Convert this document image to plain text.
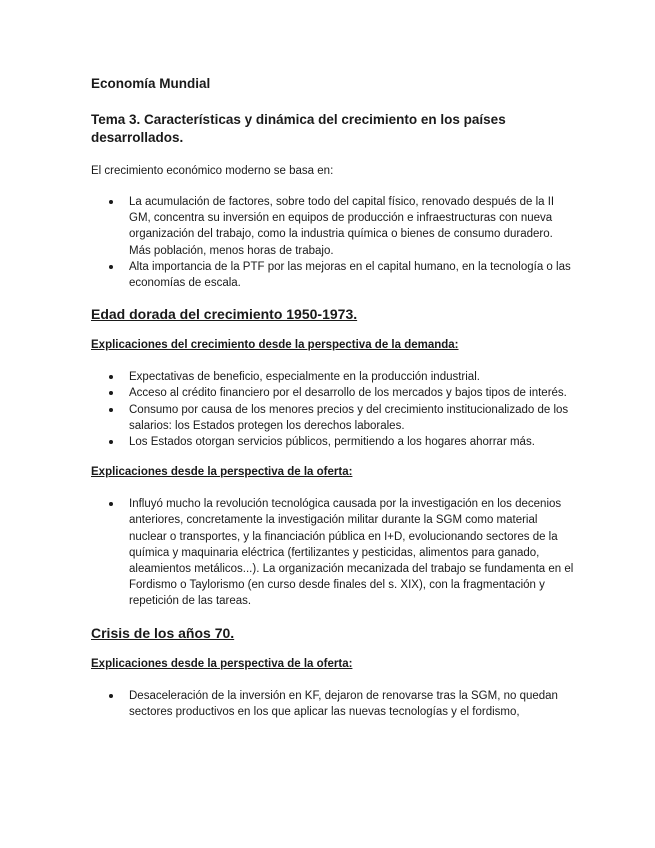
Economía Mundial
Tema 3. Características y dinámica del crecimiento en los países desarrollados.
El crecimiento económico moderno se basa en:
La acumulación de factores, sobre todo del capital físico, renovado después de la II GM, concentra su inversión en equipos de producción e infraestructuras con nueva organización del trabajo, como la industria química o bienes de consumo duradero. Más población, menos horas de trabajo.
Alta importancia de la PTF por las mejoras en el capital humano, en la tecnología o las economías de escala.
Edad dorada del crecimiento 1950-1973.
Explicaciones del crecimiento desde la perspectiva de la demanda:
Expectativas de beneficio, especialmente en la producción industrial.
Acceso al crédito financiero por el desarrollo de los mercados y bajos tipos de interés.
Consumo por causa de los menores precios y del crecimiento institucionalizado de los salarios: los Estados protegen los derechos laborales.
Los Estados otorgan servicios públicos, permitiendo a los hogares ahorrar más.
Explicaciones desde la perspectiva de la oferta:
Influyó mucho la revolución tecnológica causada por la investigación en los decenios anteriores, concretamente la investigación militar durante la SGM como material nuclear o transportes, y la financiación pública en I+D, evolucionando sectores de la química y maquinaria eléctrica (fertilizantes y pesticidas, alimentos para ganado, aleamientos metálicos...). La organización mecanizada del trabajo se fundamenta en el Fordismo o Taylorismo (en curso desde finales del s. XIX), con la fragmentación y repetición de las tareas.
Crisis de los años 70.
Explicaciones desde la perspectiva de la oferta:
Desaceleración de la inversión en KF, dejaron de renovarse tras la SGM, no quedan sectores productivos en los que aplicar las nuevas tecnologías y el fordismo,
